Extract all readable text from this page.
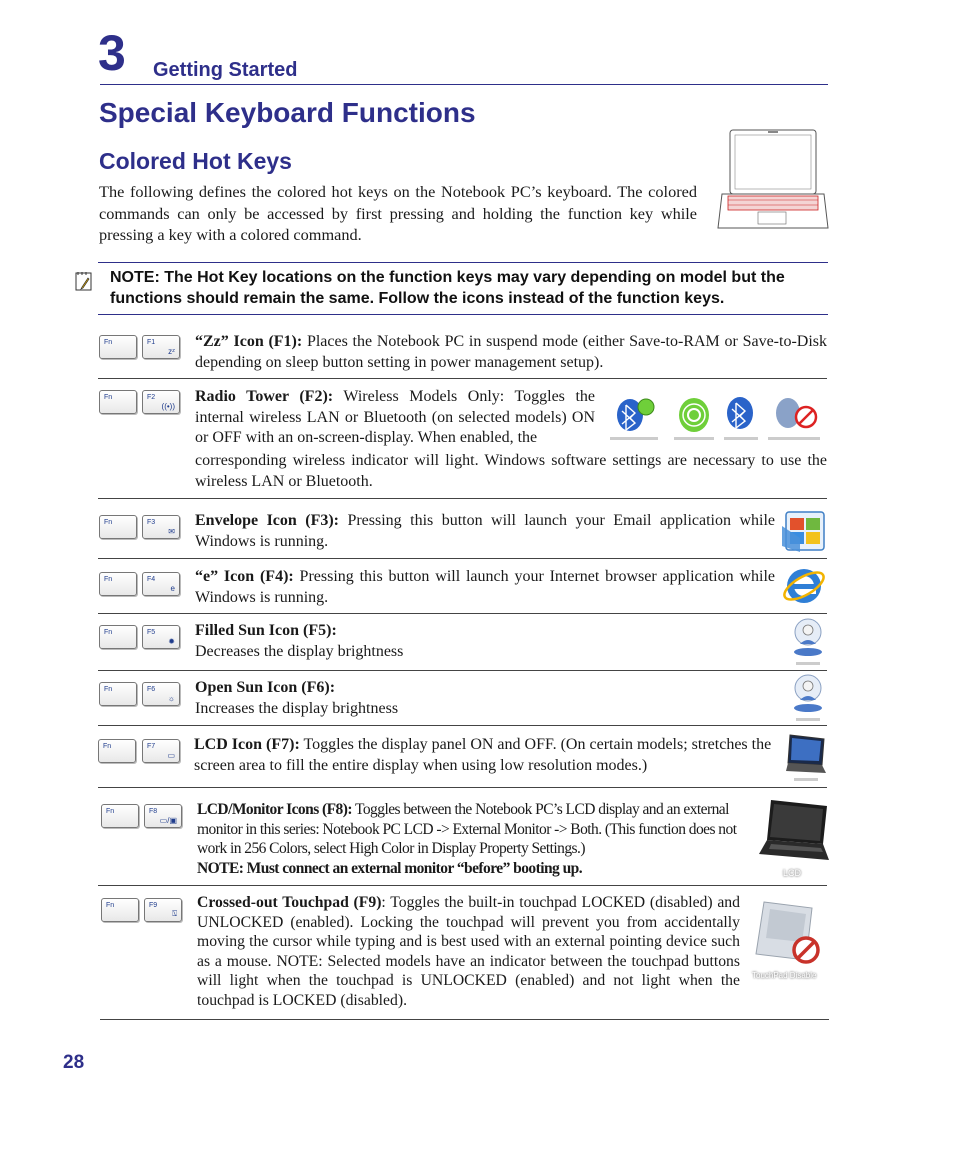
3 Getting Started
Special Keyboard Functions
Colored Hot Keys
The following defines the colored hot keys on the Notebook PC’s keyboard. The colored commands can only be accessed by first pressing and holding the function key while pressing a key with a colored command.
NOTE: The Hot Key locations on the function keys may vary depending on model but the functions should remain the same. Follow the icons instead of the function keys.
Fn	F1
zᶻ
“Zz” Icon (F1): Places the Notebook PC in suspend mode (either Save-to-RAM or Save-to-Disk depending on sleep button setting in power management setup).
Fn	F2
((•))
Radio Tower (F2): Wireless Models Only: Toggles the internal wireless LAN or Bluetooth (on selected models) ON or OFF with an on-screen-display. When enabled, the
corresponding wireless indicator will light. Windows software settings are necessary to use the wireless LAN or Bluetooth.
Fn	F3
✉
Envelope Icon (F3): Pressing this button will launch your Email application while Windows is running.
Fn	F4
e
“e” Icon (F4): Pressing this button will launch your Internet browser application while Windows is running.
Fn	F5
✹
Filled Sun Icon (F5):
Decreases the display brightness
Fn	F6
☼
Open Sun Icon (F6):
Increases the display brightness
Fn	F7
▭
LCD Icon (F7): Toggles the display panel ON and OFF. (On certain models; stretches the screen area to fill the entire display when using low resolution modes.)
Fn	F8
▭/▣
LCD/Monitor Icons (F8): Toggles between the Notebook PC’s LCD display and an external monitor in this series: Notebook PC LCD -> External Monitor -> Both. (This function does not work in 256 Colors, select High Color in Display Property Settings.)
NOTE: Must connect an external monitor “before” booting up.	LCD
Fn	F9
⍂
Crossed-out Touchpad (F9): Toggles the built-in touchpad LOCKED (disabled) and UNLOCKED (enabled). Locking the touchpad will prevent you from accidentally moving the cursor while typing and is best used with an external pointing device such as a mouse. NOTE: Selected models have an indicator between the touchpad buttons will light when the touchpad is UNLOCKED (enabled) and not light when the touchpad is LOCKED (disabled).
TouchPad Disable
28
